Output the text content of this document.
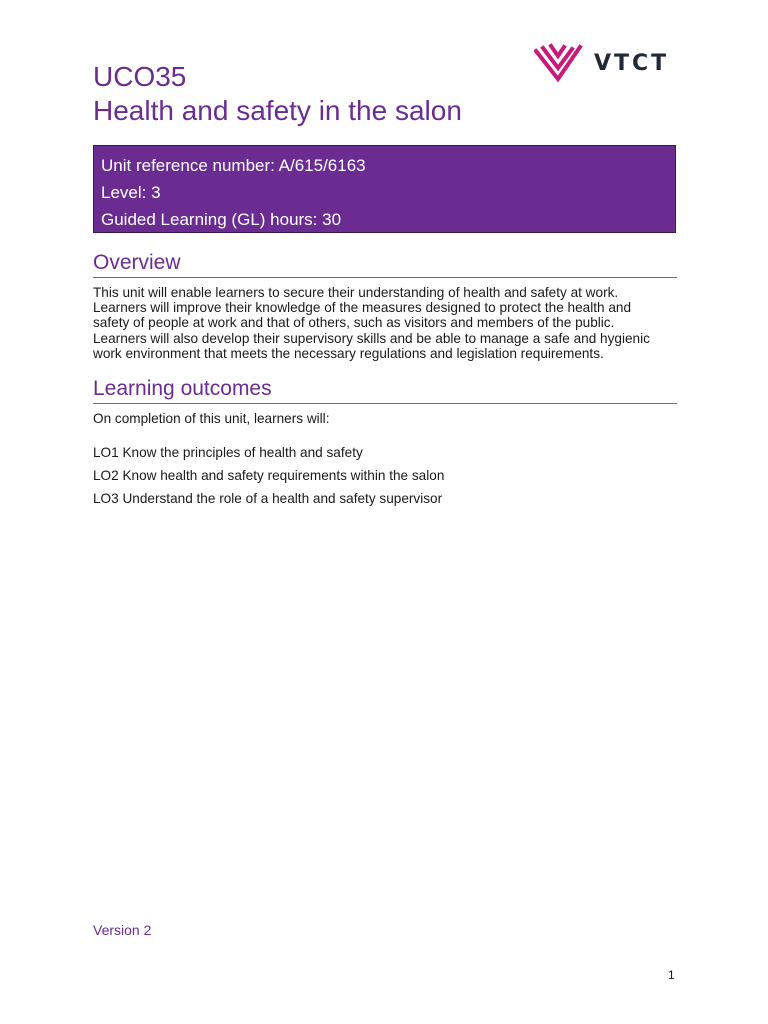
UCO35
Health and safety in the salon
VTCT
Unit reference number: A/615/6163
Level: 3
Guided Learning (GL) hours: 30
Overview
This unit will enable learners to secure their understanding of health and safety at work.
Learners will improve their knowledge of the measures designed to protect the health and
safety of people at work and that of others, such as visitors and members of the public.
Learners will also develop their supervisory skills and be able to manage a safe and hygienic
work environment that meets the necessary regulations and legislation requirements.
Learning outcomes
On completion of this unit, learners will:
LO1 Know the principles of health and safety
LO2 Know health and safety requirements within the salon
LO3 Understand the role of a health and safety supervisor
Version 2
1
